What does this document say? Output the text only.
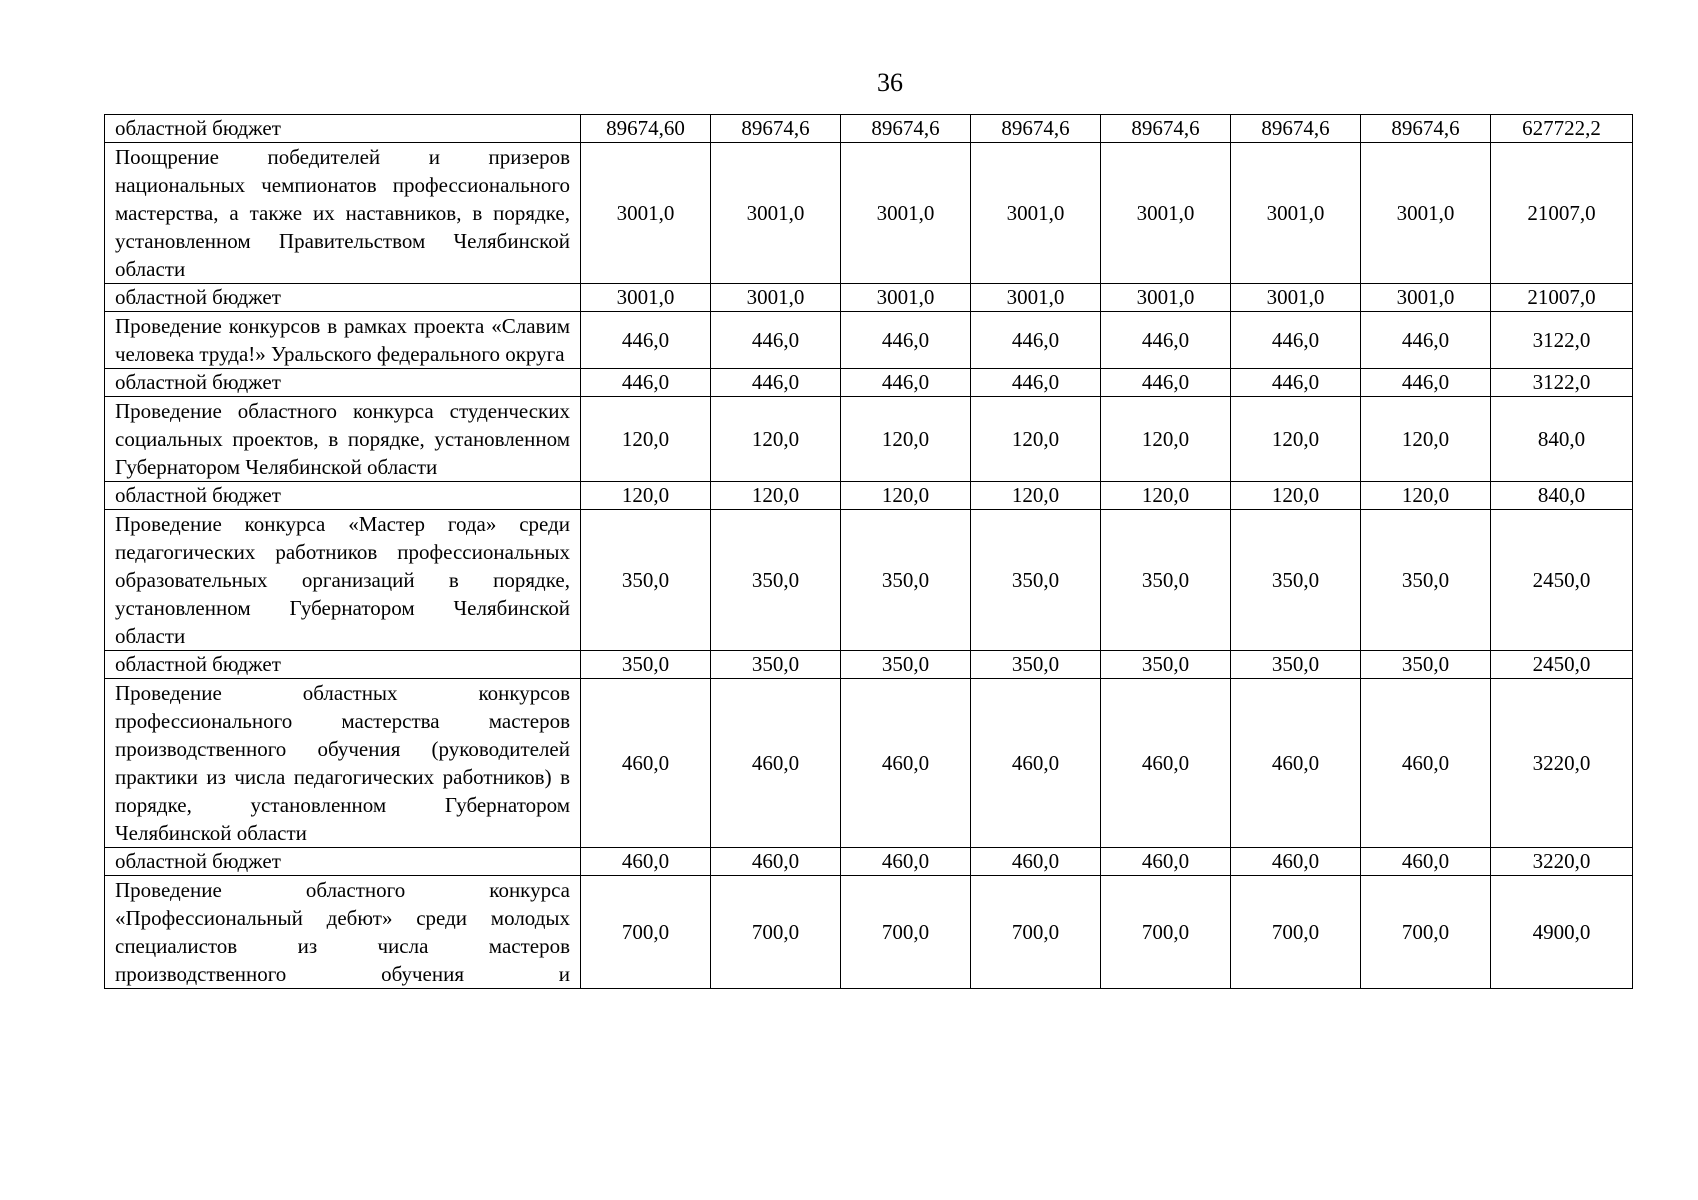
36
областной бюджет	89674,60	89674,6	89674,6	89674,6	89674,6	89674,6	89674,6	627722,2
Поощрение победителей и призеров национальных чемпионатов профессионального мастерства, а также их наставников, в порядке, установленном Правительством Челябинской области	3001,0	3001,0	3001,0	3001,0	3001,0	3001,0	3001,0	21007,0
областной бюджет	3001,0	3001,0	3001,0	3001,0	3001,0	3001,0	3001,0	21007,0
Проведение конкурсов в рамках проекта «Славим человека труда!» Уральского федерального округа	446,0	446,0	446,0	446,0	446,0	446,0	446,0	3122,0
областной бюджет	446,0	446,0	446,0	446,0	446,0	446,0	446,0	3122,0
Проведение областного конкурса студенческих социальных проектов, в порядке, установленном Губернатором Челябинской области	120,0	120,0	120,0	120,0	120,0	120,0	120,0	840,0
областной бюджет	120,0	120,0	120,0	120,0	120,0	120,0	120,0	840,0
Проведение конкурса «Мастер года» среди педагогических работников профессиональных образовательных организаций в порядке, установленном Губернатором Челябинской области	350,0	350,0	350,0	350,0	350,0	350,0	350,0	2450,0
областной бюджет	350,0	350,0	350,0	350,0	350,0	350,0	350,0	2450,0
Проведение областных конкурсов профессионального мастерства мастеров производственного обучения (руководителей практики из числа педагогических работников) в порядке, установленном Губернатором Челябинской области	460,0	460,0	460,0	460,0	460,0	460,0	460,0	3220,0
областной бюджет	460,0	460,0	460,0	460,0	460,0	460,0	460,0	3220,0
Проведение областного конкурса «Профессиональный дебют» среди молодых специалистов из числа мастеров производственного обучения и	700,0	700,0	700,0	700,0	700,0	700,0	700,0	4900,0
